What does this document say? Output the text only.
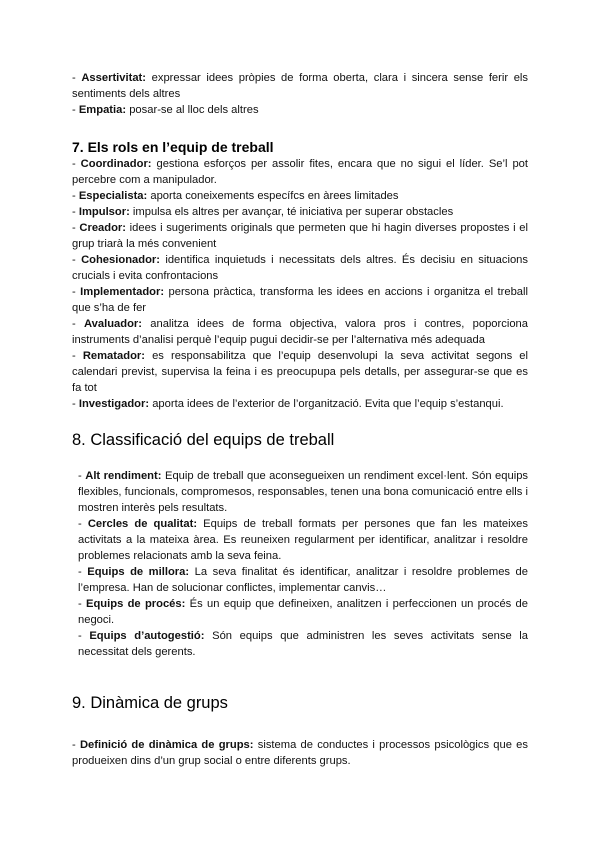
- Assertivitat: expressar idees pròpies de forma oberta, clara i sincera sense ferir els sentiments dels altres

- Empatia: posar-se al lloc dels altres

7. Els rols en l’equip de treball

- Coordinador: gestiona esforços per assolir fites, encara que no sigui el líder. Se’l pot percebre com a manipulador.

- Especialista: aporta coneixements específcs en àrees limitades

- Impulsor: impulsa els altres per avançar, té iniciativa per superar obstacles

- Creador: idees i sugeriments originals que permeten que hi hagin diverses propostes i el grup triarà la més convenient

- Cohesionador: identifica inquietuds i necessitats dels altres. És decisiu en situacions crucials i evita confrontacions

- Implementador: persona pràctica, transforma les idees en accions i organitza el treball que s’ha de fer

- Avaluador: analitza idees de forma objectiva, valora pros i contres, poporciona instruments d’analisi perquè l’equip pugui decidir-se per l’alternativa més adequada

- Rematador: es responsabilitza que l’equip desenvolupi la seva activitat segons el calendari previst, supervisa la feina i es preocupupa pels detalls, per assegurar-se que es fa tot

- Investigador: aporta idees de l’exterior de l’organització. Evita que l’equip s’estanqui.

8. Classificació del equips de treball

- Alt rendiment: Equip de treball que aconsegueixen un rendiment excel·lent. Són equips flexibles, funcionals, compromesos, responsables, tenen una bona comunicació entre ells i mostren interès pels resultats.

- Cercles de qualitat: Equips de treball formats per persones que fan les mateixes activitats a la mateixa àrea. Es reuneixen regularment per identificar, analitzar i resoldre problemes relacionats amb la seva feina.

- Equips de millora: La seva finalitat és identificar, analitzar i resoldre problemes de l’empresa. Han de solucionar conflictes, implementar canvis…

- Equips de procés: És un equip que defineixen, analitzen i perfeccionen un procés de negoci.

- Equips d’autogestió: Són equips que administren les seves activitats sense la necessitat dels gerents.

9. Dinàmica de grups

- Definició de dinàmica de grups: sistema de conductes i processos psicològics que es produeixen dins d’un grup social o entre diferents grups.
